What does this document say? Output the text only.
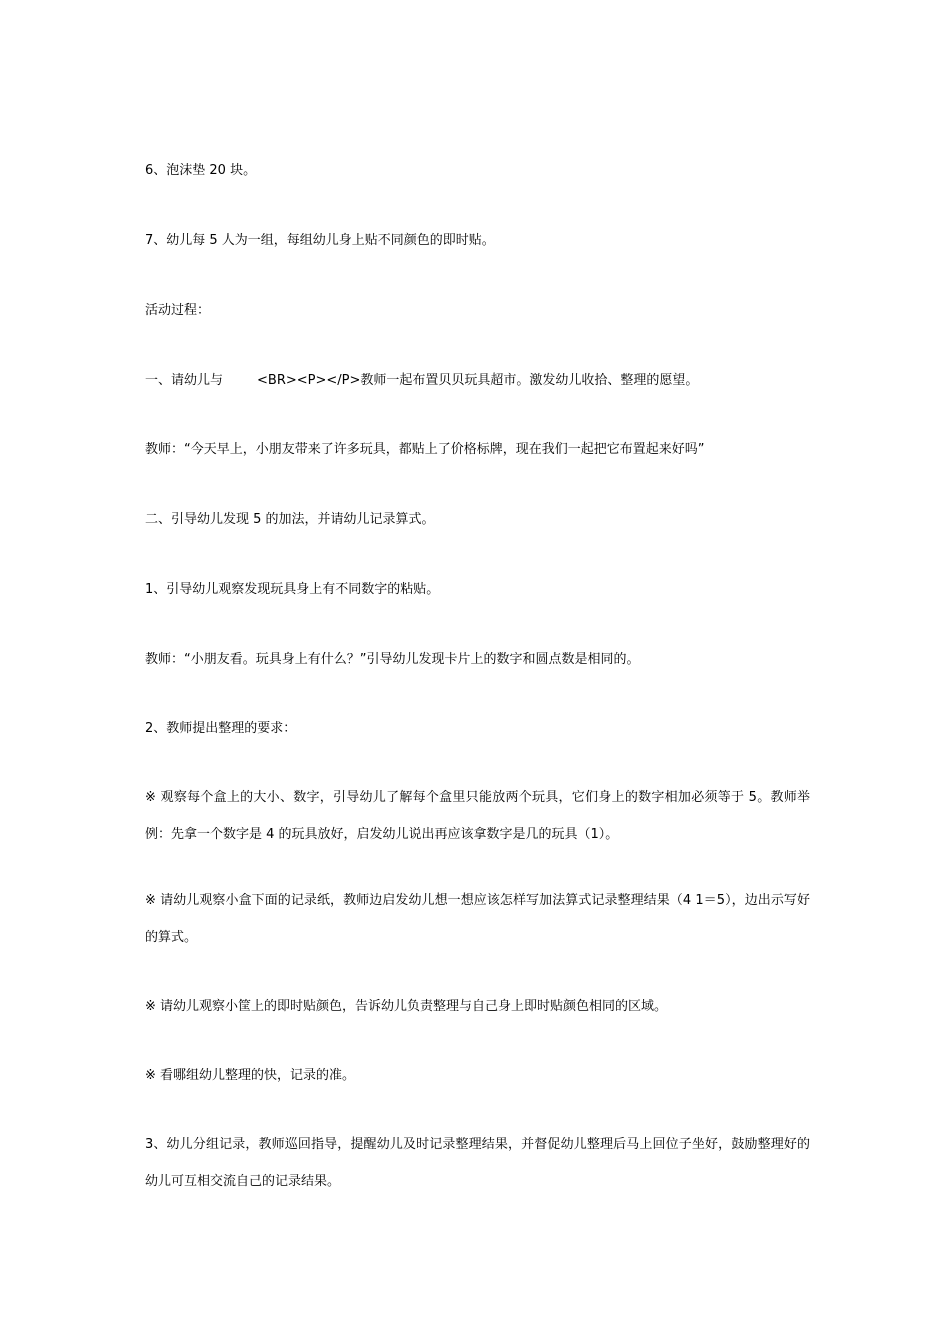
6、泡沫垫 20 块。

7、幼儿每 5 人为一组，每组幼儿身上贴不同颜色的即时贴。

活动过程：

一、请幼儿与	<BR><P></P>教师一起布置贝贝玩具超市。激发幼儿收拾、整理的愿望。

教师：“今天早上，小朋友带来了许多玩具，都贴上了价格标牌，现在我们一起把它布置起来好吗”

二、引导幼儿发现 5 的加法，并请幼儿记录算式。

1、引导幼儿观察发现玩具身上有不同数字的粘贴。

教师：“小朋友看。玩具身上有什么？”引导幼儿发现卡片上的数字和圆点数是相同的。

2、教师提出整理的要求：

※ 观察每个盒上的大小、数字，引导幼儿了解每个盒里只能放两个玩具，它们身上的数字相加必须等于 5。教师举例：先拿一个数字是 4 的玩具放好，启发幼儿说出再应该拿数字是几的玩具（1）。

※ 请幼儿观察小盒下面的记录纸，教师边启发幼儿想一想应该怎样写加法算式记录整理结果（4 1＝5），边出示写好的算式。

※ 请幼儿观察小筐上的即时贴颜色，告诉幼儿负责整理与自己身上即时贴颜色相同的区域。

※ 看哪组幼儿整理的快，记录的准。

3、幼儿分组记录，教师巡回指导，提醒幼儿及时记录整理结果，并督促幼儿整理后马上回位子坐好，鼓励整理好的幼儿可互相交流自己的记录结果。
